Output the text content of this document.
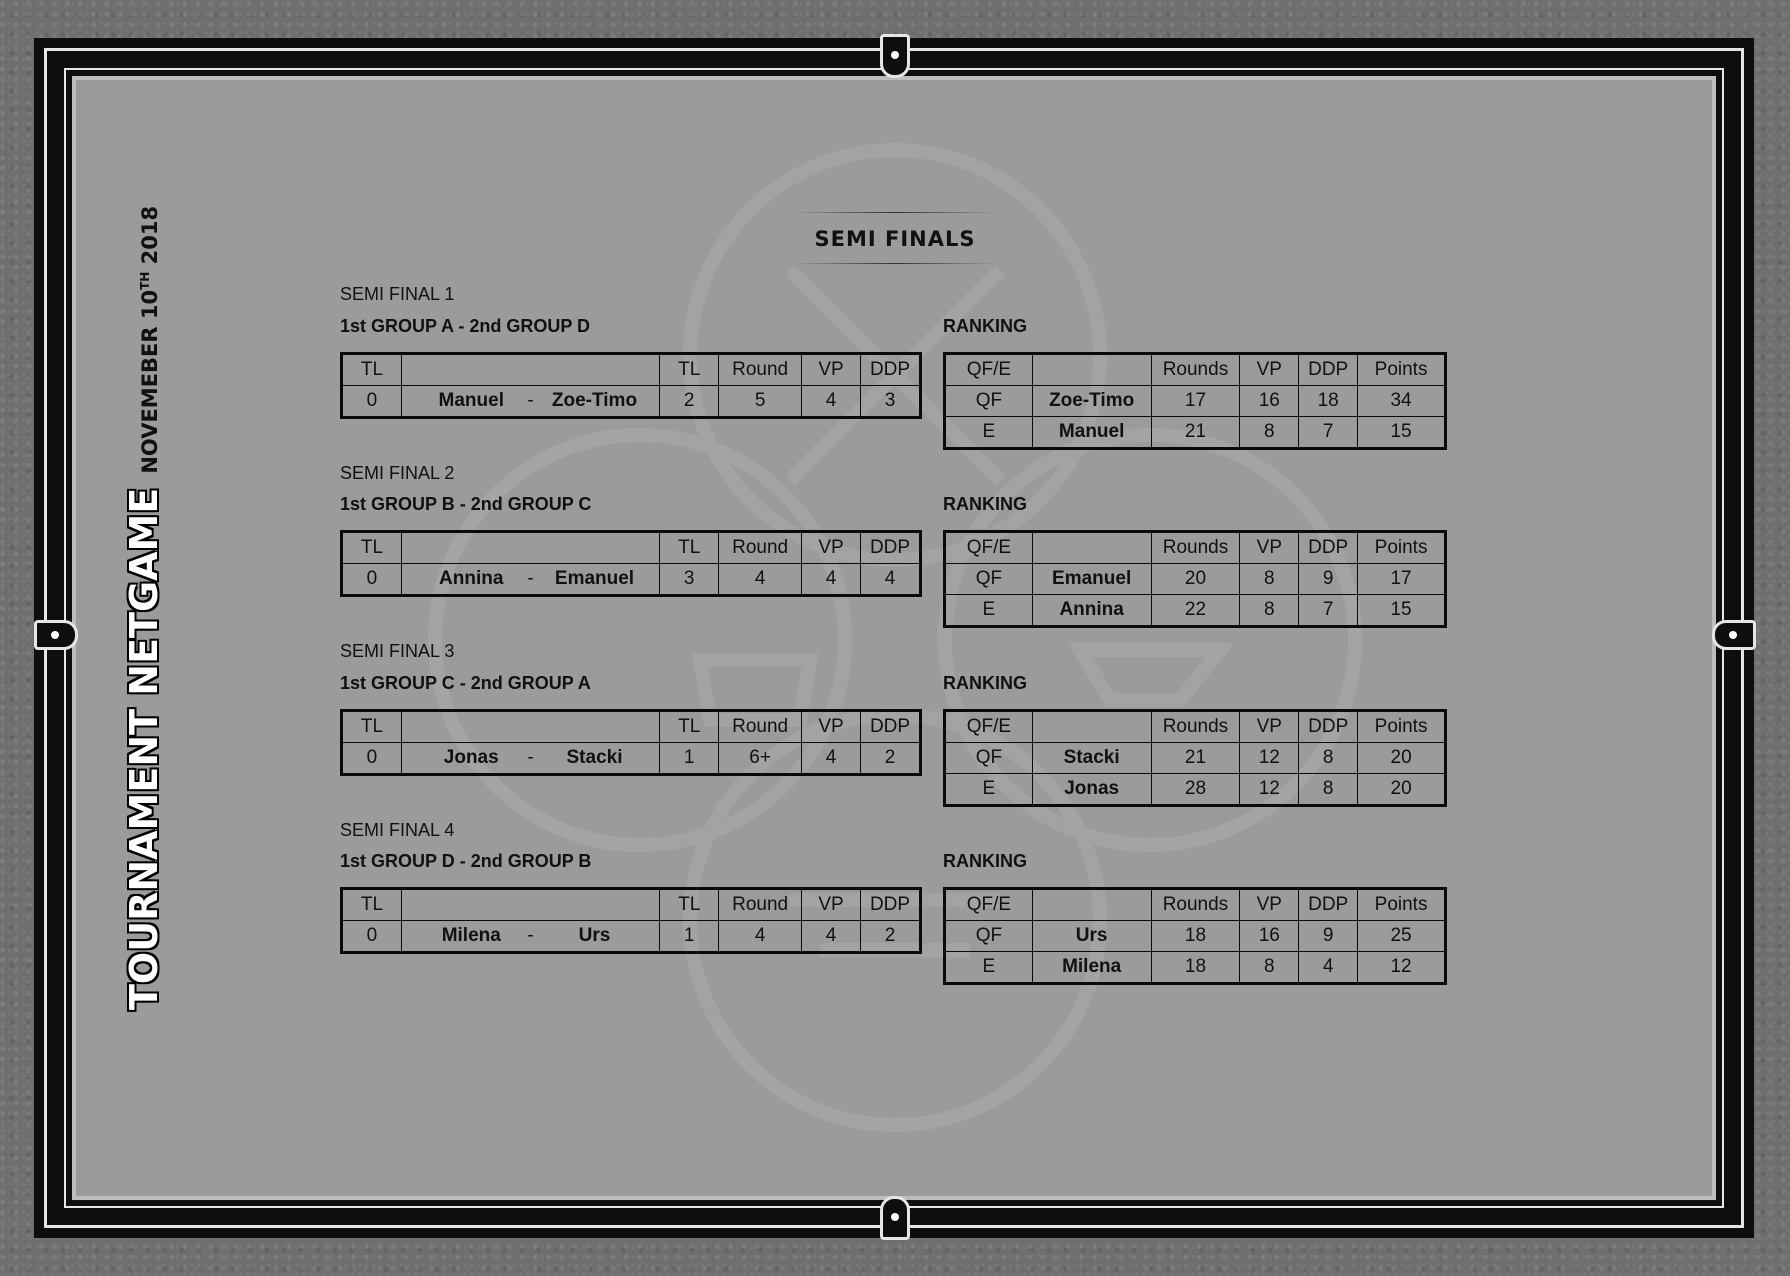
TOURNAMENT NETGAME
NOVEMEBER 10TH 2018	SEMI FINALS
SEMI FINAL 1
1st GROUP A - 2nd GROUP D	RANKING
TL		TL	Round	VP	DDP
0	Manuel - Zoe-Timo	2	5	4	3
QF/E		Rounds	VP	DDP	Points
QF	Zoe-Timo	17	16	18	34
E	Manuel	21	8	7	15
SEMI FINAL 2
1st GROUP B - 2nd GROUP C	RANKING
TL		TL	Round	VP	DDP
0	Annina - Emanuel	3	4	4	4
QF/E		Rounds	VP	DDP	Points
QF	Emanuel	20	8	9	17
E	Annina	22	8	7	15
SEMI FINAL 3
1st GROUP C - 2nd GROUP A	RANKING
TL		TL	Round	VP	DDP
0	Jonas - Stacki	1	6+	4	2
QF/E		Rounds	VP	DDP	Points
QF	Stacki	21	12	8	20
E	Jonas	28	12	8	20
SEMI FINAL 4
1st GROUP D - 2nd GROUP B	RANKING
TL		TL	Round	VP	DDP
0	Milena - Urs	1	4	4	2
QF/E		Rounds	VP	DDP	Points
QF	Urs	18	16	9	25
E	Milena	18	8	4	12
